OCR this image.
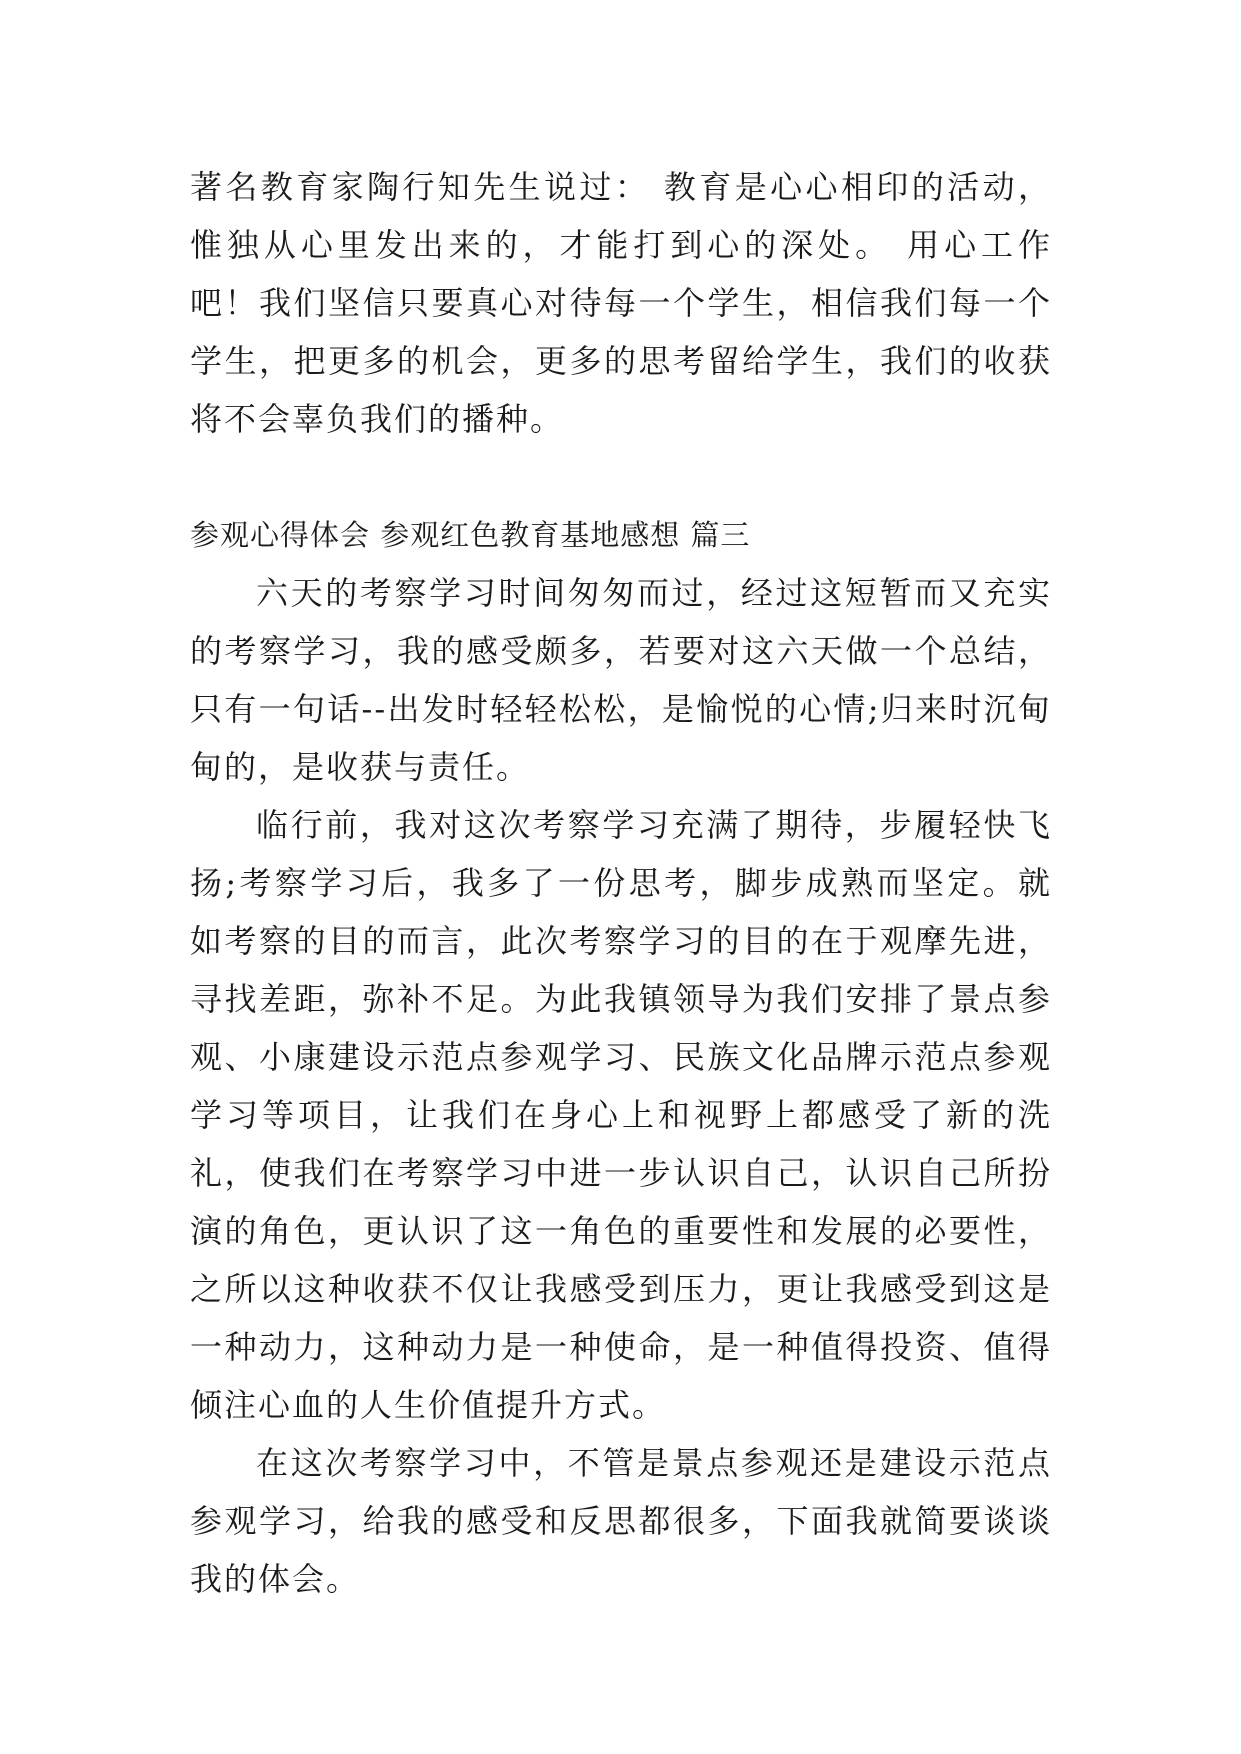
著名教育家陶行知先生说过： 教育是心心相印的活动，惟独从心里发出来的，才能打到心的深处。 用心工作吧！我们坚信只要真心对待每一个学生，相信我们每一个学生，把更多的机会，更多的思考留给学生，我们的收获将不会辜负我们的播种。
参观心得体会 参观红色教育基地感想 篇三
六天的考察学习时间匆匆而过，经过这短暂而又充实的考察学习，我的感受颇多，若要对这六天做一个总结，只有一句话--出发时轻轻松松，是愉悦的心情;归来时沉甸甸的，是收获与责任。
临行前，我对这次考察学习充满了期待，步履轻快飞扬;考察学习后，我多了一份思考，脚步成熟而坚定。就如考察的目的而言，此次考察学习的目的在于观摩先进，寻找差距，弥补不足。为此我镇领导为我们安排了景点参观、小康建设示范点参观学习、民族文化品牌示范点参观学习等项目，让我们在身心上和视野上都感受了新的洗礼，使我们在考察学习中进一步认识自己，认识自己所扮演的角色，更认识了这一角色的重要性和发展的必要性，之所以这种收获不仅让我感受到压力，更让我感受到这是一种动力，这种动力是一种使命，是一种值得投资、值得倾注心血的人生价值提升方式。
在这次考察学习中，不管是景点参观还是建设示范点参观学习，给我的感受和反思都很多，下面我就简要谈谈我的体会。
